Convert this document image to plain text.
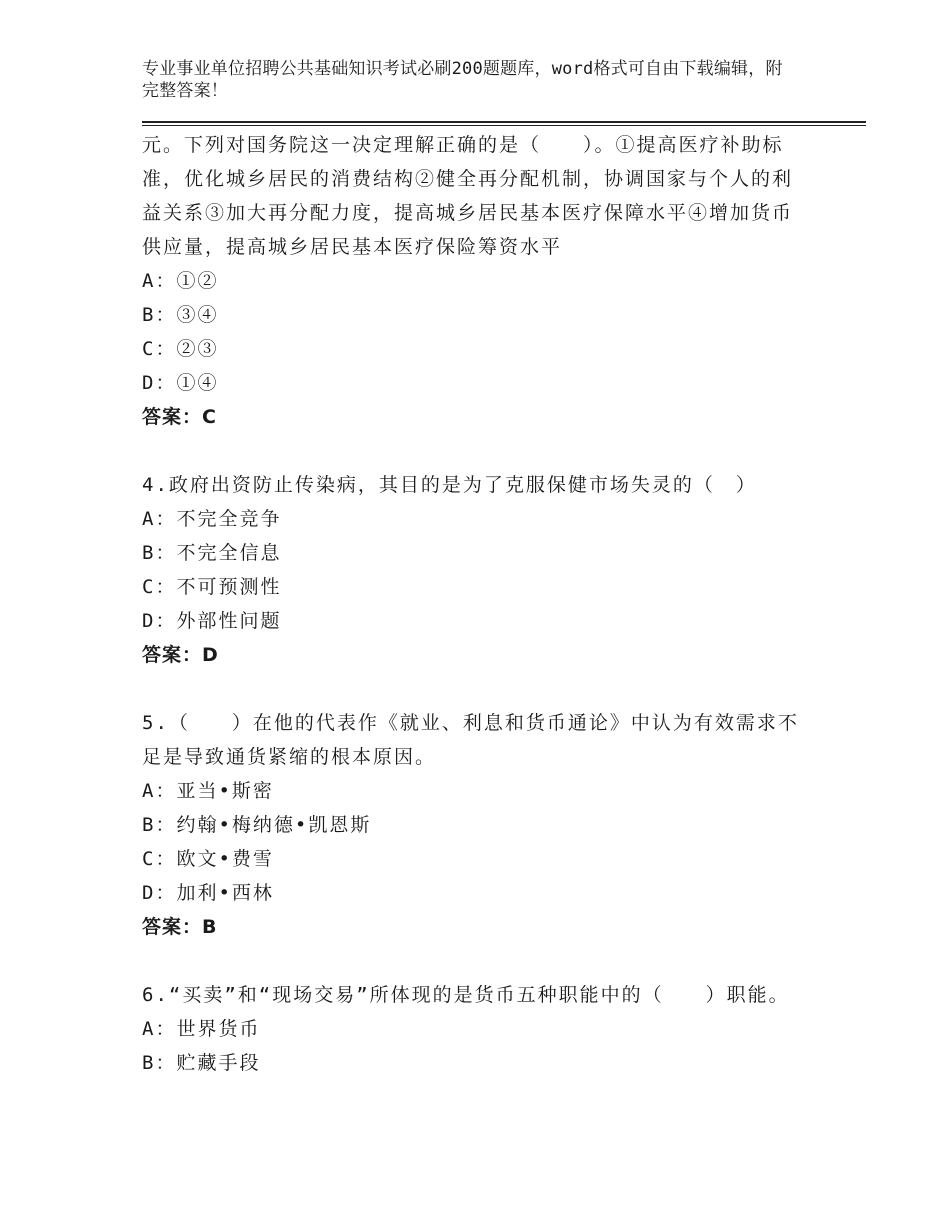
专业事业单位招聘公共基础知识考试必刷200题题库，word格式可自由下载编辑，附完整答案！
元。下列对国务院这一决定理解正确的是（　　）。①提高医疗补助标准，优化城乡居民的消费结构②健全再分配机制，协调国家与个人的利益关系③加大再分配力度，提高城乡居民基本医疗保障水平④增加货币供应量，提高城乡居民基本医疗保险筹资水平
A：①②
B：③④
C：②③
D：①④
答案：C
4.政府出资防止传染病，其目的是为了克服保健市场失灵的（　）
A：不完全竞争
B：不完全信息
C：不可预测性
D：外部性问题
答案：D
5.（　　）在他的代表作《就业、利息和货币通论》中认为有效需求不足是导致通货紧缩的根本原因。
A：亚当•斯密
B：约翰•梅纳德•凯恩斯
C：欧文•费雪
D：加利•西林
答案：B
6.“买卖”和“现场交易”所体现的是货币五种职能中的（　　）职能。
A：世界货币
B：贮藏手段
